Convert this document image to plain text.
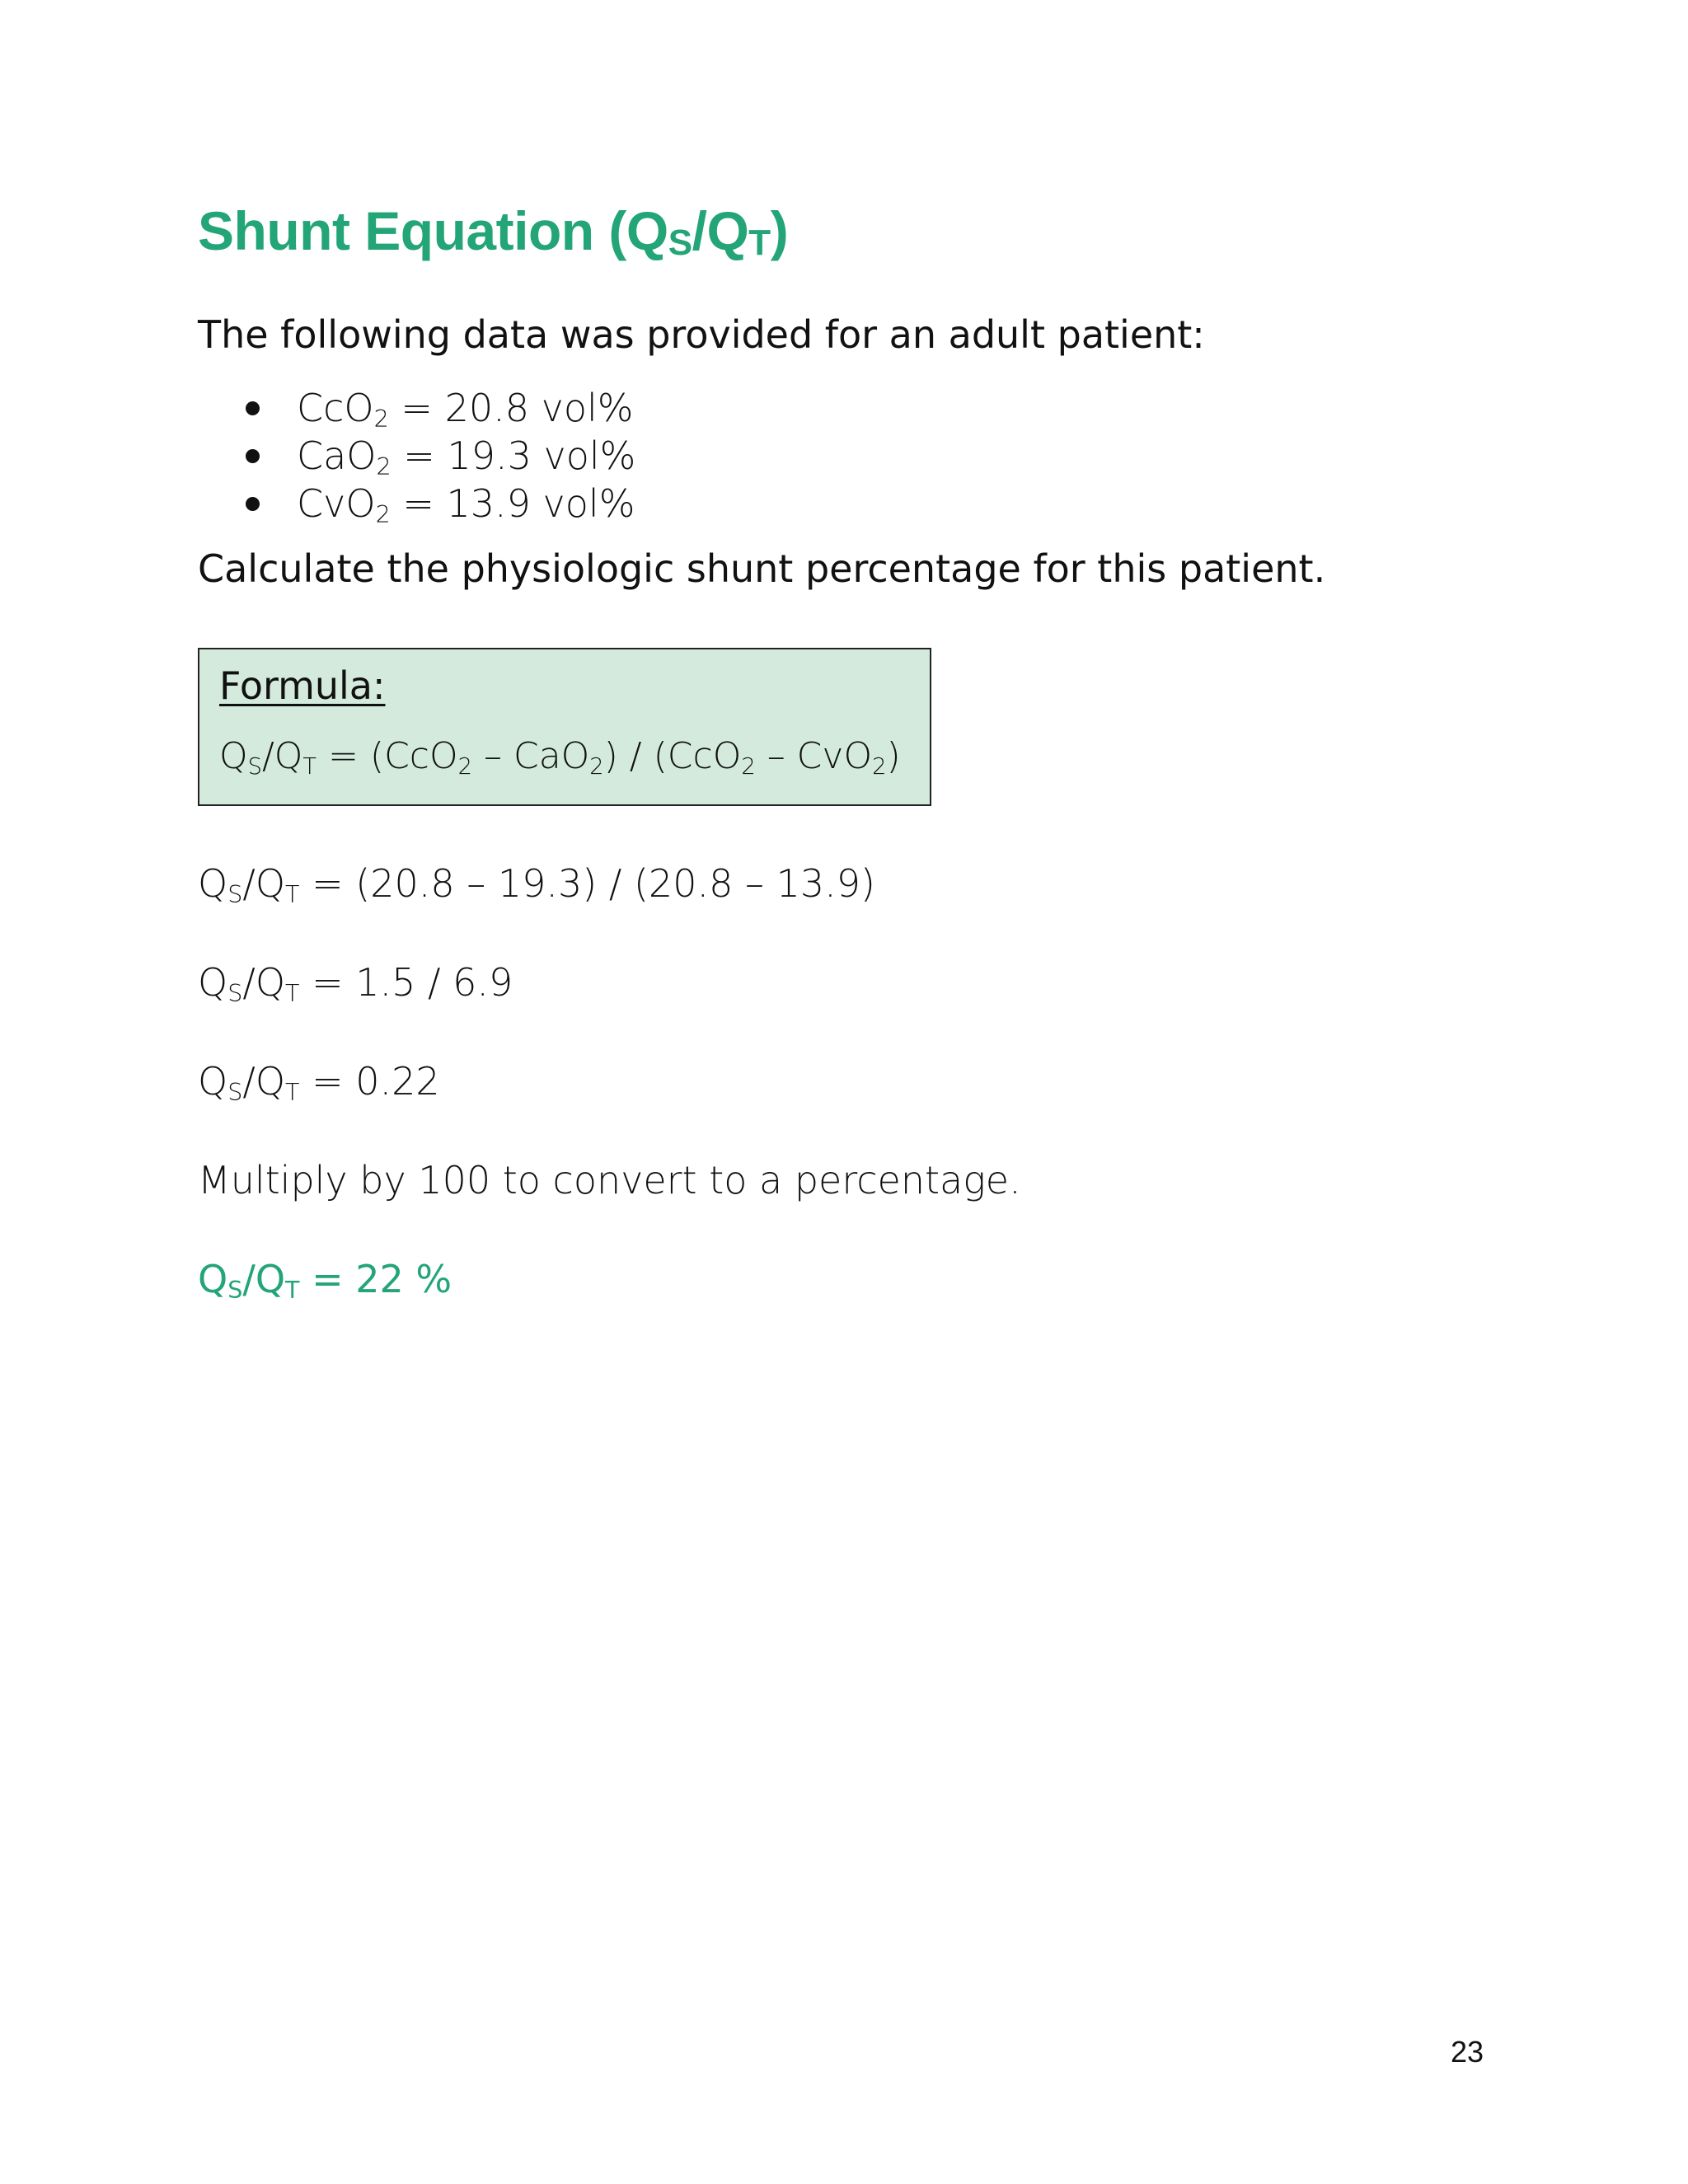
Shunt Equation (QS/QT)

The following data was provided for an adult patient:

CcO2 = 20.8 vol%
CaO2 = 19.3 vol%
CvO2 = 13.9 vol%

Calculate the physiologic shunt percentage for this patient.

Formula:

QS/QT = (CcO2 – CaO2) / (CcO2 – CvO2)

QS/QT = (20.8 – 19.3) / (20.8 – 13.9)

QS/QT = 1.5 / 6.9

QS/QT = 0.22

Multiply by 100 to convert to a percentage.

QS/QT = 22 %

23
